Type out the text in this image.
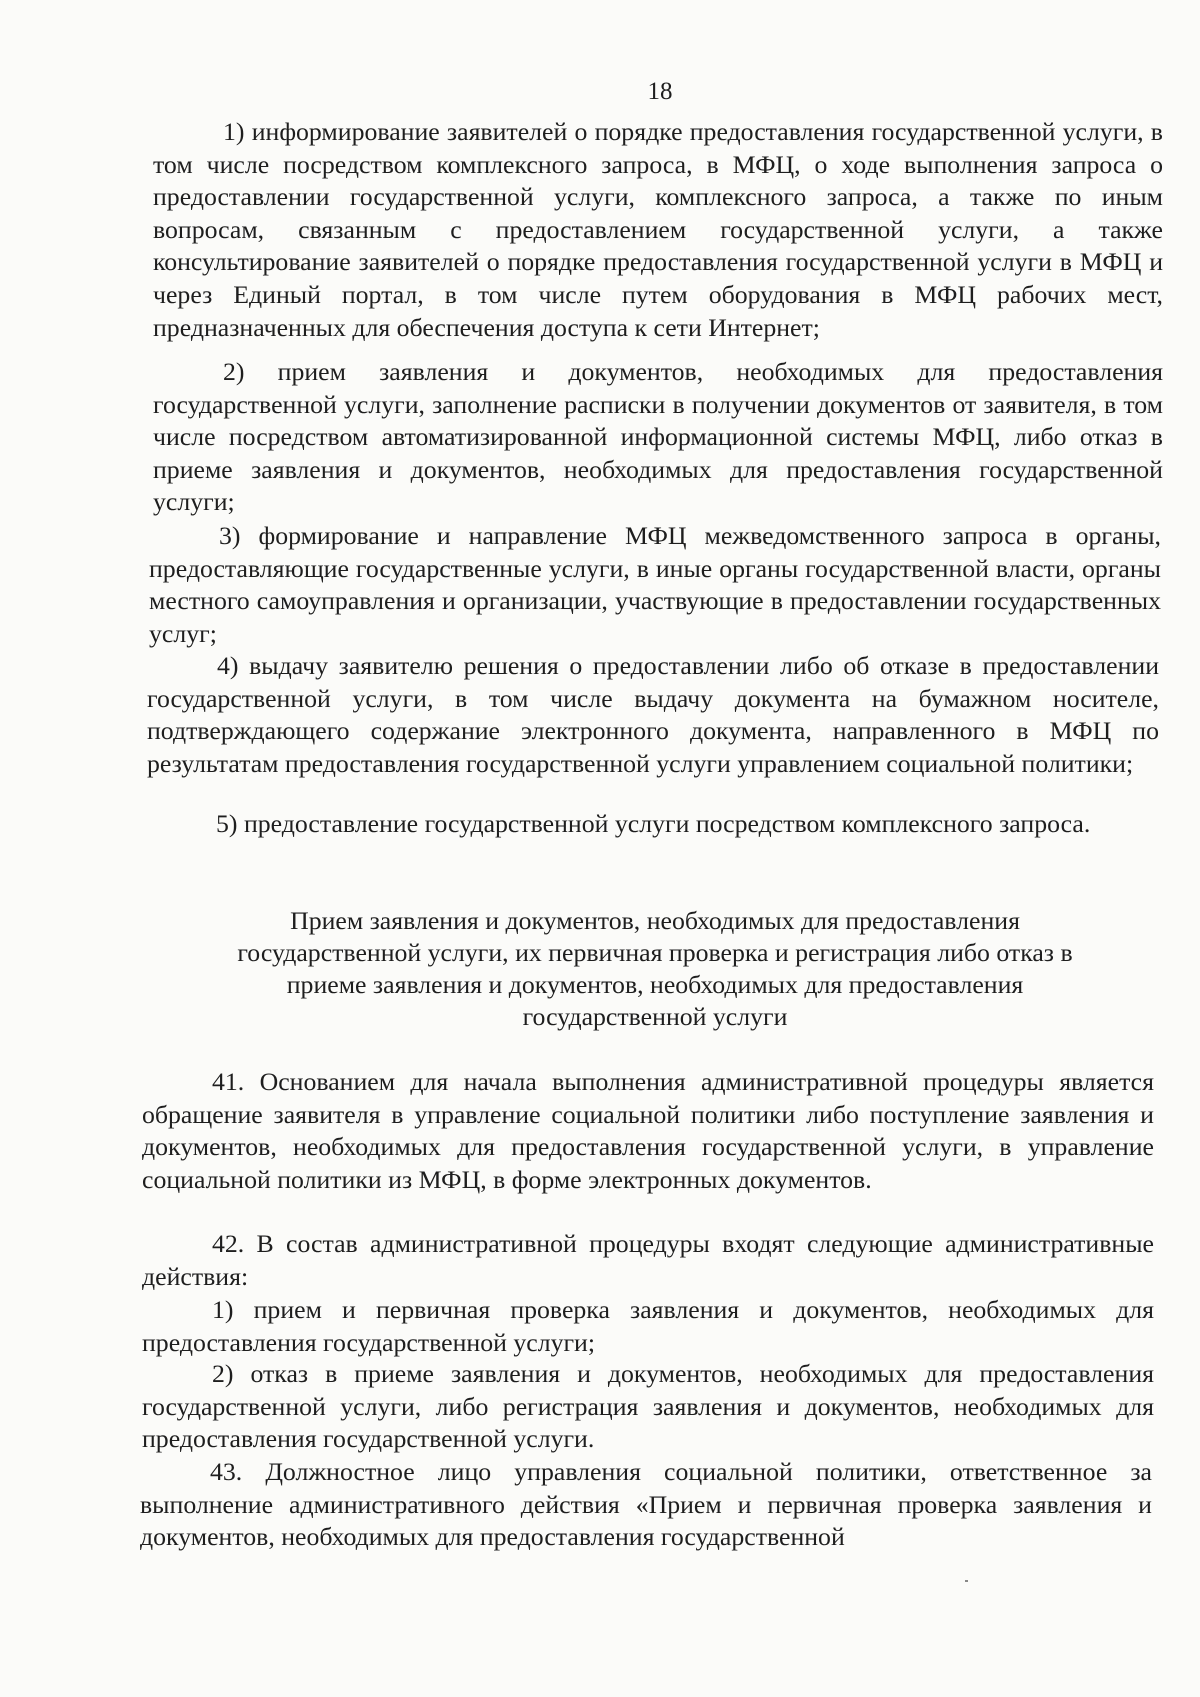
18

1) информирование заявителей о порядке предоставления государственной услуги, в том числе посредством комплексного запроса, в МФЦ, о ходе выполнения запроса о предоставлении государственной услуги, комплексного запроса, а также по иным вопросам, связанным с предоставлением государственной услуги, а также консультирование заявителей о порядке предоставления государственной услуги в МФЦ и через Единый портал, в том числе путем оборудования в МФЦ рабочих мест, предназначенных для обеспечения доступа к сети Интернет;

2) прием заявления и документов, необходимых для предоставления государственной услуги, заполнение расписки в получении документов от заявителя, в том числе посредством автоматизированной информационной системы МФЦ, либо отказ в приеме заявления и документов, необходимых для предоставления государственной услуги;

3) формирование и направление МФЦ межведомственного запроса в органы, предоставляющие государственные услуги, в иные органы государственной власти, органы местного самоуправления и организации, участвующие в предоставлении государственных услуг;

4) выдачу заявителю решения о предоставлении либо об отказе в предоставлении государственной услуги, в том числе выдачу документа на бумажном носителе, подтверждающего содержание электронного документа, направленного в МФЦ по результатам предоставления государственной услуги управлением социальной политики;

5) предоставление государственной услуги посредством комплексного запроса.

Прием заявления и документов, необходимых для предоставления
государственной услуги, их первичная проверка и регистрация либо отказ в
приеме заявления и документов, необходимых для предоставления
государственной услуги

41. Основанием для начала выполнения административной процедуры является обращение заявителя в управление социальной политики либо поступление заявления и документов, необходимых для предоставления государственной услуги, в управление социальной политики из МФЦ, в форме электронных документов.

42. В состав административной процедуры входят следующие административные действия:

1) прием и первичная проверка заявления и документов, необходимых для предоставления государственной услуги;

2) отказ в приеме заявления и документов, необходимых для предоставления государственной услуги, либо регистрация заявления и документов, необходимых для предоставления государственной услуги.

43. Должностное лицо управления социальной политики, ответственное за выполнение административного действия «Прием и первичная проверка заявления и документов, необходимых для предоставления государственной
